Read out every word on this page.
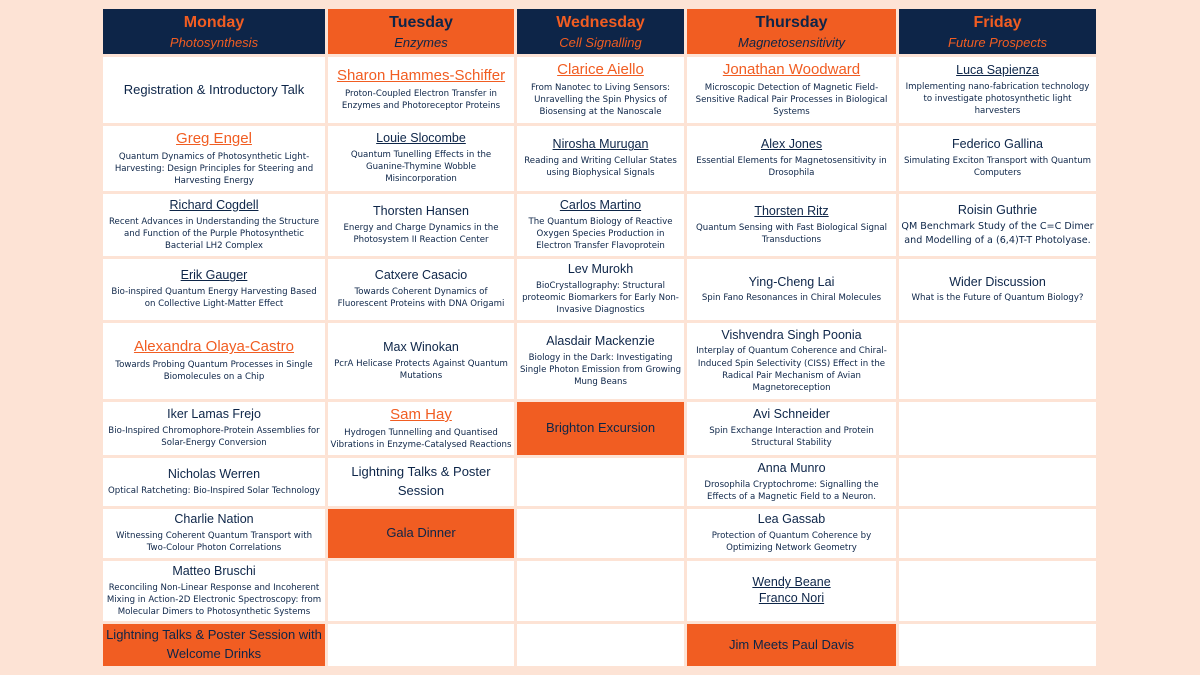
Monday
Photosynthesis
Tuesday
Enzymes
Wednesday
Cell Signalling
Thursday
Magnetosensitivity
Friday
Future Prospects
Registration & Introductory Talk
Greg Engel
Quantum Dynamics of Photosynthetic Light-Harvesting: Design Principles for Steering and Harvesting Energy
Richard Cogdell
Recent Advances in Understanding the Structure and Function of the Purple Photosynthetic Bacterial LH2 Complex
Erik Gauger
Bio-inspired Quantum Energy Harvesting Based on Collective Light-Matter Effect
Alexandra Olaya-Castro
Towards Probing Quantum Processes in Single Biomolecules on a Chip
Iker Lamas Frejo
Bio-Inspired Chromophore-Protein Assemblies for Solar-Energy Conversion
Nicholas Werren
Optical Ratcheting: Bio-Inspired Solar Technology
Charlie Nation
Witnessing Coherent Quantum Transport with Two-Colour Photon Correlations
Matteo Bruschi
Reconciling Non-Linear Response and Incoherent Mixing in Action-2D Electronic Spectroscopy: from Molecular Dimers to Photosynthetic Systems
Lightning Talks & Poster Session with Welcome Drinks
Sharon Hammes-Schiffer
Proton-Coupled Electron Transfer in Enzymes and Photoreceptor Proteins
Louie Slocombe
Quantum Tunelling Effects in the Guanine-Thymine Wobble Misincorporation
Thorsten Hansen
Energy and Charge Dynamics in the Photosystem II Reaction Center
Catxere Casacio
Towards Coherent Dynamics of Fluorescent Proteins with DNA Origami
Max Winokan
PcrA Helicase Protects Against Quantum Mutations
Sam Hay
Hydrogen Tunnelling and Quantised Vibrations in Enzyme-Catalysed Reactions
Lightning Talks & Poster Session
Gala Dinner
Clarice Aiello
From Nanotec to Living Sensors: Unravelling the Spin Physics of Biosensing at the Nanoscale
Nirosha Murugan
Reading and Writing Cellular States using Biophysical Signals
Carlos Martino
The Quantum Biology of Reactive Oxygen Species Production in Electron Transfer Flavoprotein
Lev Murokh
BioCrystallography: Structural proteomic Biomarkers for Early Non-Invasive Diagnostics
Alasdair Mackenzie
Biology in the Dark: Investigating Single Photon Emission from Growing Mung Beans
Brighton Excursion
Jonathan Woodward
Microscopic Detection of Magnetic Field-Sensitive Radical Pair Processes in Biological Systems
Alex Jones
Essential Elements for Magnetosensitivity in Drosophila
Thorsten Ritz
Quantum Sensing with Fast Biological Signal Transductions
Ying-Cheng Lai
Spin Fano Resonances in Chiral Molecules
Vishvendra Singh Poonia
Interplay of Quantum Coherence and Chiral-Induced Spin Selectivity (CISS) Effect in the Radical Pair Mechanism of Avian Magnetoreception
Avi Schneider
Spin Exchange Interaction and Protein Structural Stability
Anna Munro
Drosophila Cryptochrome: Signalling the Effects of a Magnetic Field to a Neuron.
Lea Gassab
Protection of Quantum Coherence by Optimizing Network Geometry
Wendy Beane
Franco Nori
Jim Meets Paul Davis
Luca Sapienza
Implementing nano-fabrication technology to investigate photosynthetic light harvesters
Federico Gallina
Simulating Exciton Transport with Quantum Computers
Roisin Guthrie
QM Benchmark Study of the C=C Dimer and Modelling of a (6,4)T-T Photolyase.
Wider Discussion
What is the Future of Quantum Biology?
